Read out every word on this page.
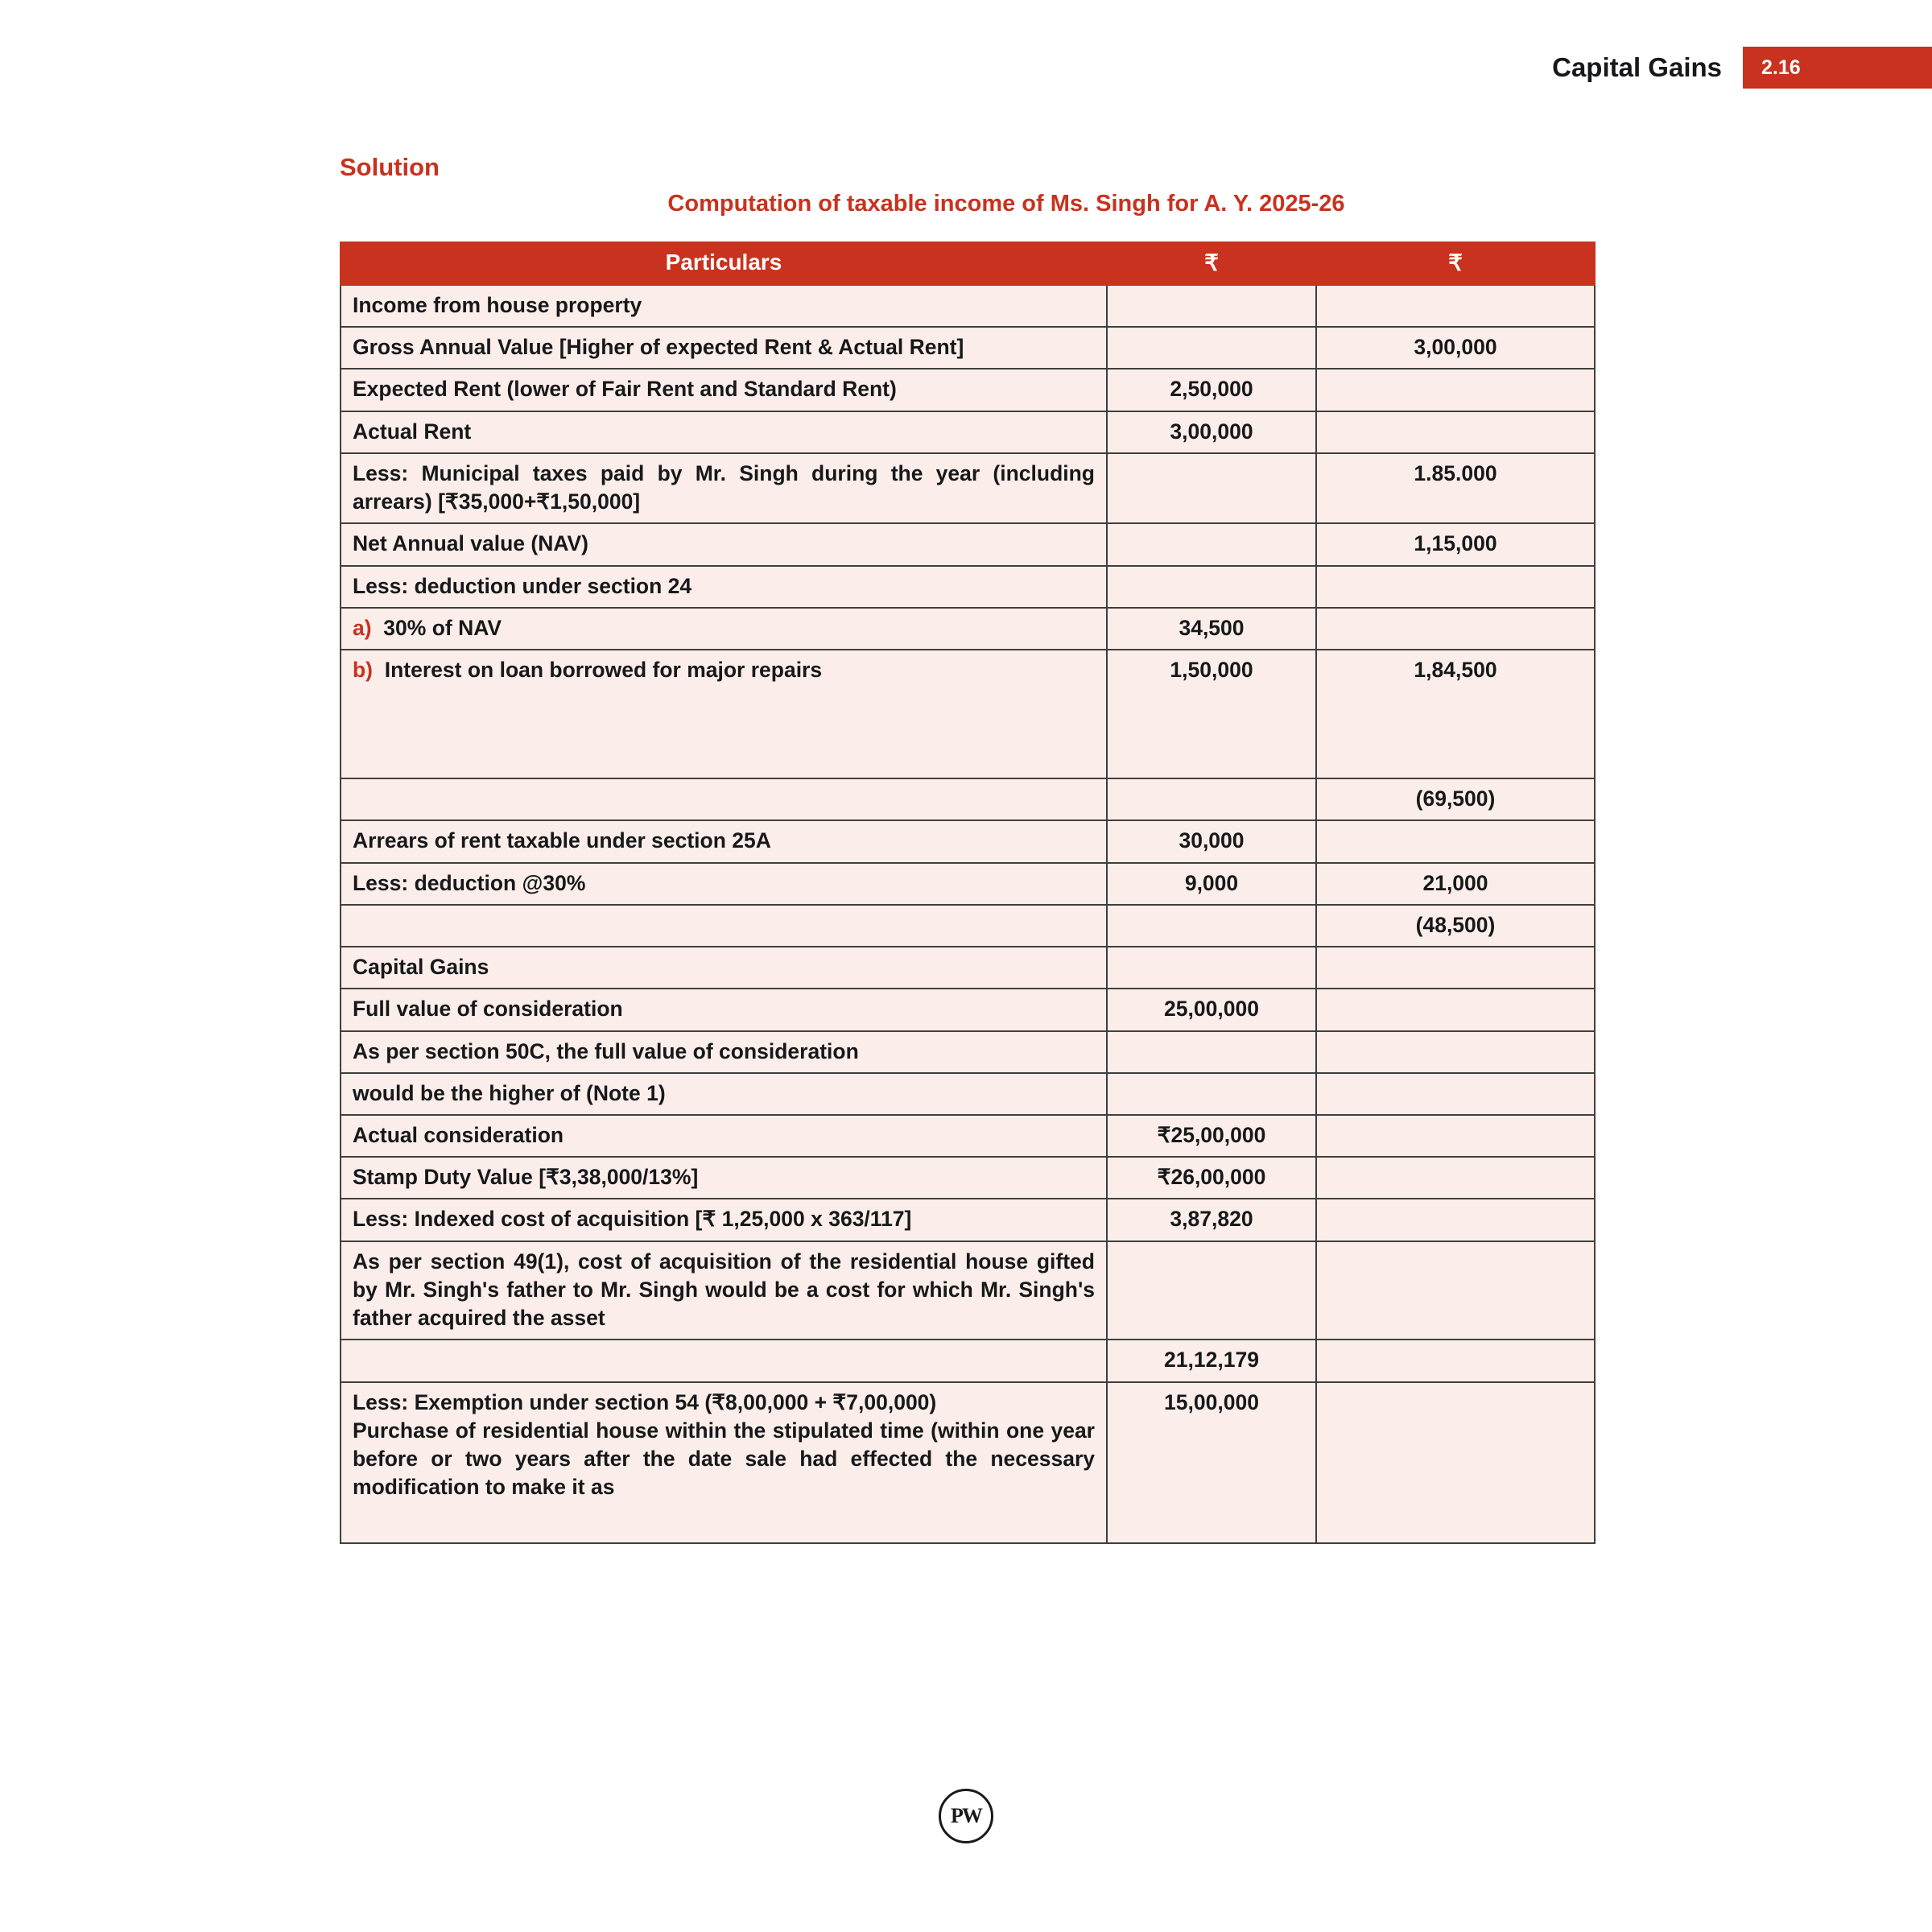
Capital Gains	2.16
Solution
Computation of taxable income of Ms. Singh for A. Y. 2025-26
Particulars	₹	₹
Income from house property		
Gross Annual Value [Higher of expected Rent & Actual Rent]		3,00,000
Expected Rent (lower of Fair Rent and Standard Rent)	2,50,000	
Actual Rent	3,00,000	
Less: Municipal taxes paid by Mr. Singh during the year (including arrears) [₹35,000+₹1,50,000]		1.85.000
Net Annual value (NAV)		1,15,000
Less: deduction under section 24		
a)  30% of NAV	34,500	
b)  Interest on loan borrowed for major repairs	1,50,000	1,84,500
		(69,500)
Arrears of rent taxable under section 25A	30,000	
Less: deduction @30%	9,000	21,000
		(48,500)
Capital Gains		
Full value of consideration	25,00,000	
As per section 50C, the full value of consideration		
would be the higher of (Note 1)		
Actual consideration	₹25,00,000	
Stamp Duty Value [₹3,38,000/13%]	₹26,00,000	
Less: Indexed cost of acquisition [₹ 1,25,000 x 363/117]	3,87,820	
As per section 49(1), cost of acquisition of the residential house gifted by Mr. Singh's father to Mr. Singh would be a cost for which Mr. Singh's father acquired the asset		
	21,12,179	

Less: Exemption under section 54 (₹8,00,000 + ₹7,00,000)
Purchase of residential house within the stipulated time (within one year before or two years after the date sale had effected the necessary modification to make it as	15,00,000	
PW
